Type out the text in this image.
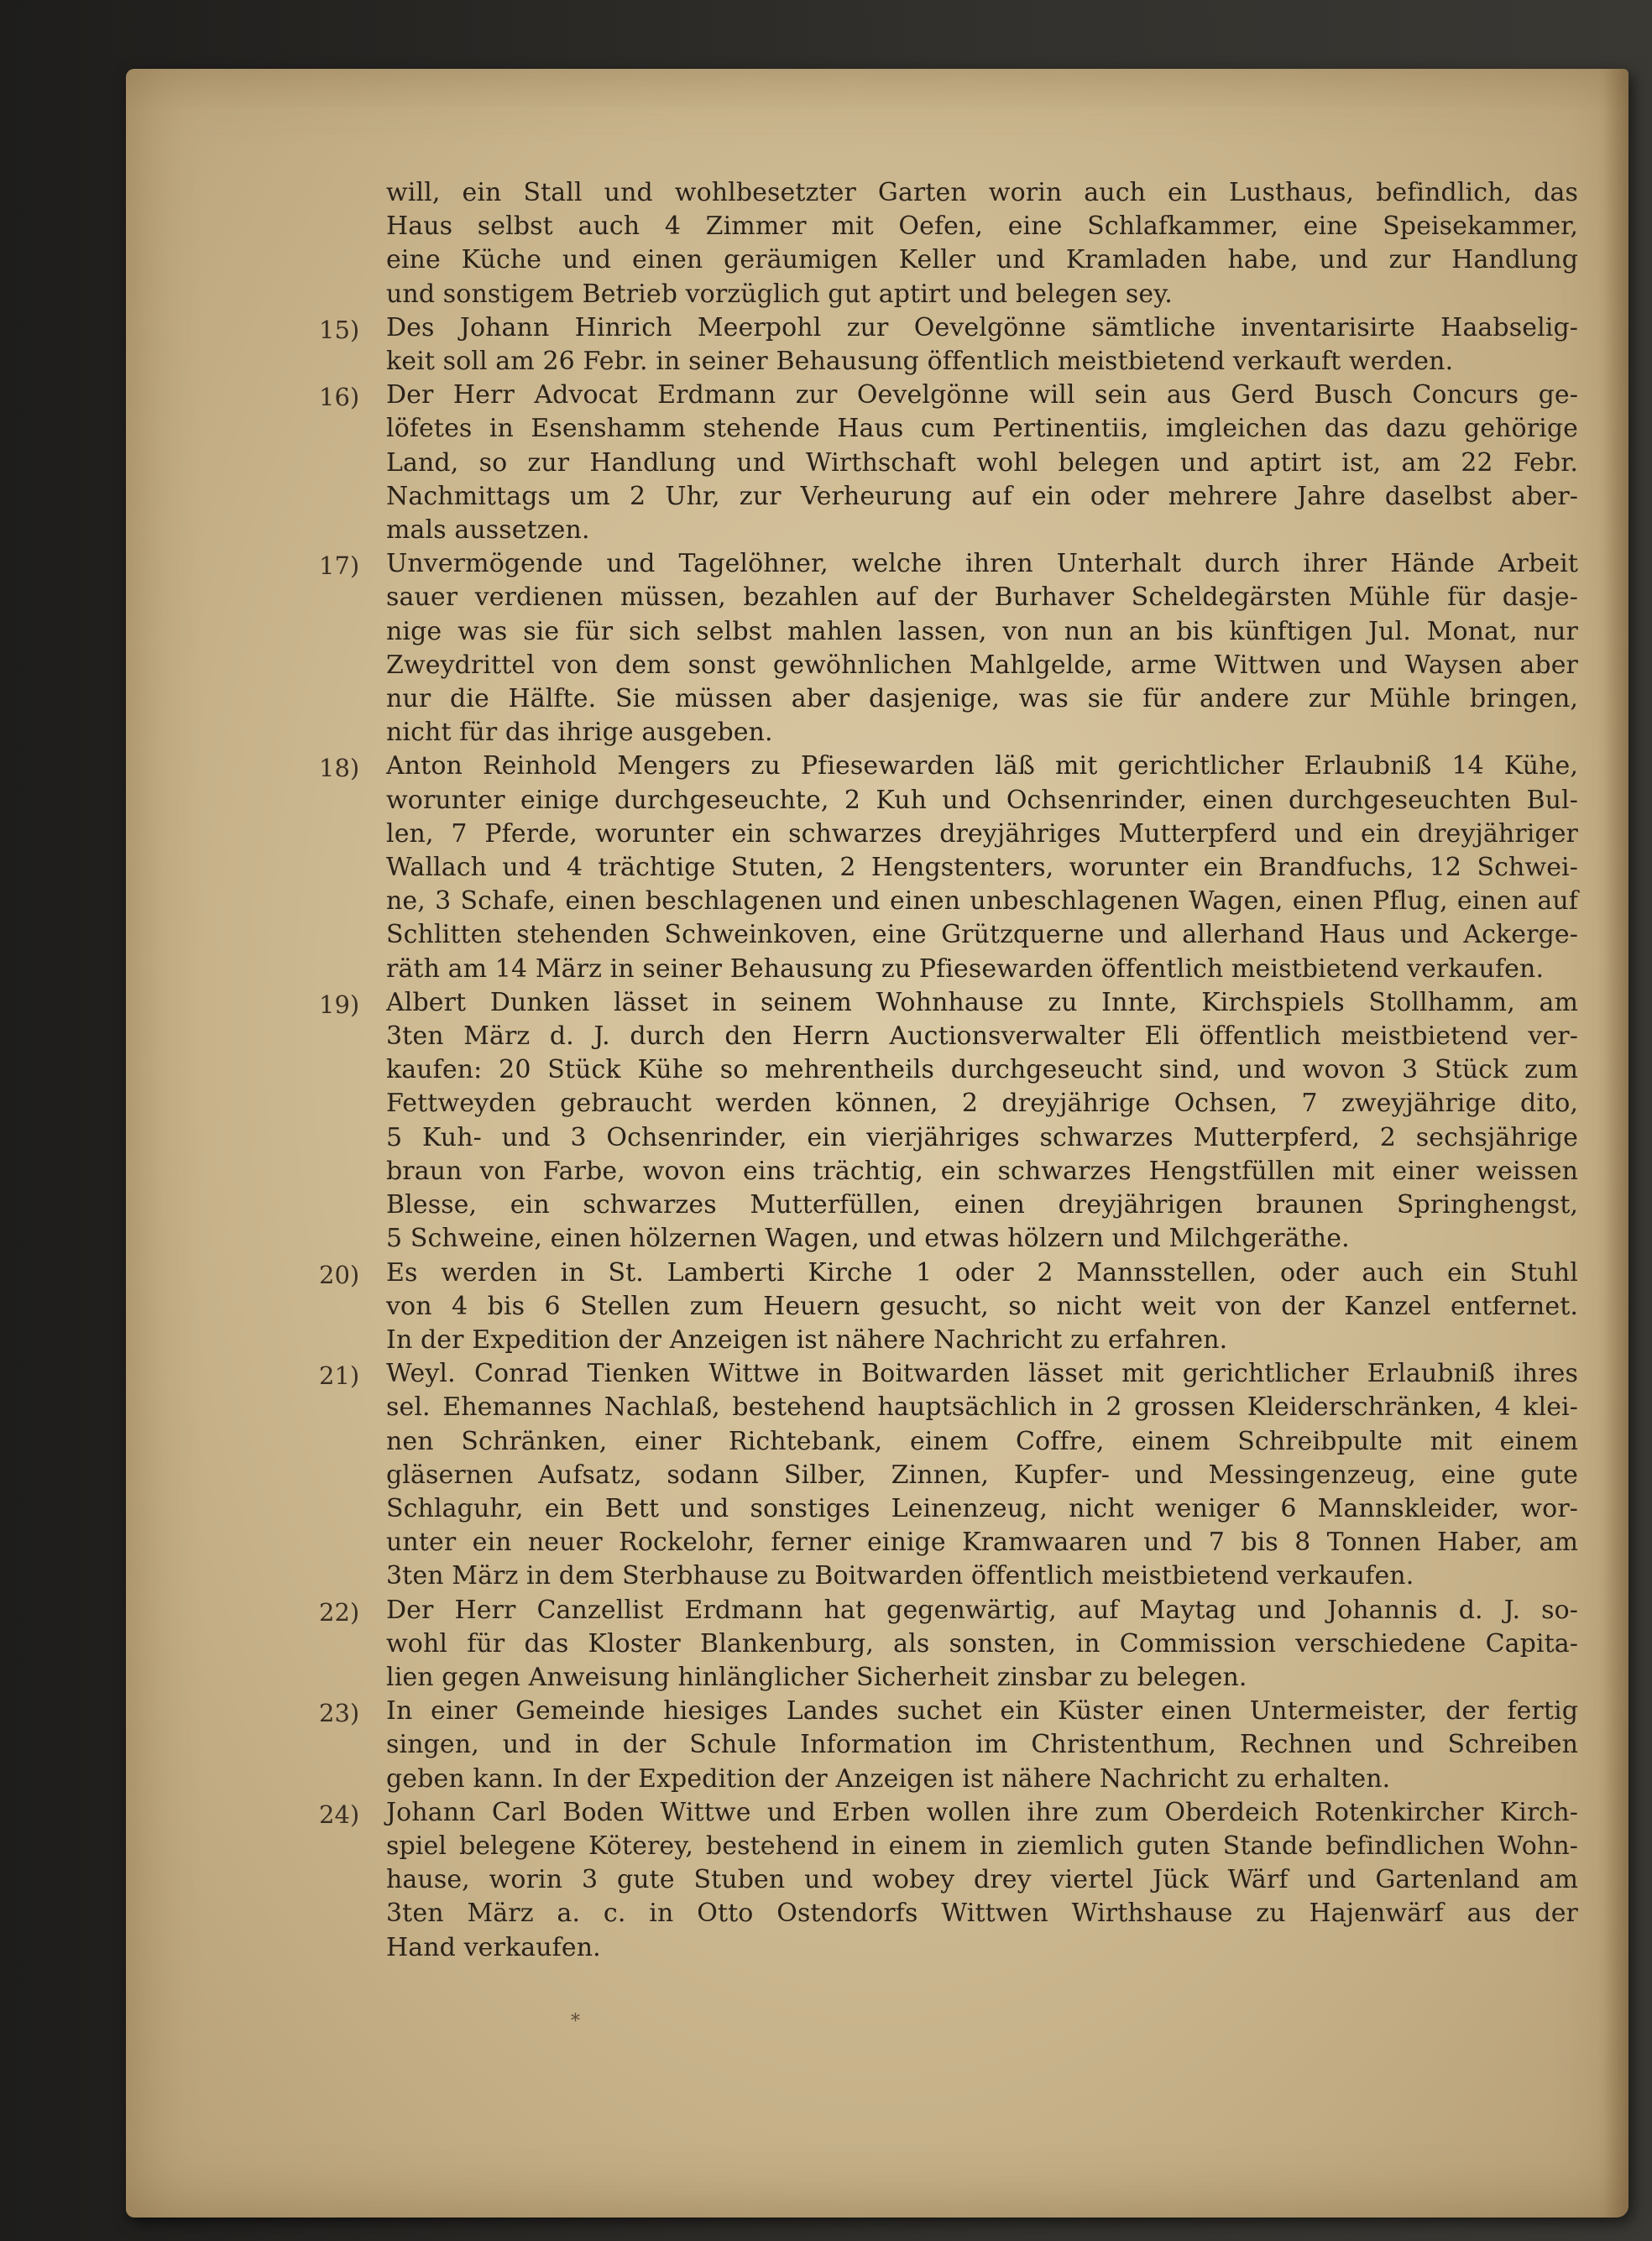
will, ein Stall und wohlbesetzter Garten worin auch ein Lusthaus, befindlich, das
Haus selbst auch 4 Zimmer mit Oefen, eine Schlafkammer, eine Speisekammer,
eine Küche und einen geräumigen Keller und Kramladen habe, und zur Handlung
und sonstigem Betrieb vorzüglich gut aptirt und belegen sey.
15) Des Johann Hinrich Meerpohl zur Oevelgönne sämtliche inventarisirte Haabselig-
keit soll am 26 Febr. in seiner Behausung öffentlich meistbietend verkauft werden.
16) Der Herr Advocat Erdmann zur Oevelgönne will sein aus Gerd Busch Concurs ge-
löfetes in Esenshamm stehende Haus cum Pertinentiis, imgleichen das dazu gehörige
Land, so zur Handlung und Wirthschaft wohl belegen und aptirt ist, am 22 Febr.
Nachmittags um 2 Uhr, zur Verheurung auf ein oder mehrere Jahre daselbst aber-
mals aussetzen.
17) Unvermögende und Tagelöhner, welche ihren Unterhalt durch ihrer Hände Arbeit
sauer verdienen müssen, bezahlen auf der Burhaver Scheldegärsten Mühle für dasje-
nige was sie für sich selbst mahlen lassen, von nun an bis künftigen Jul. Monat, nur
Zweydrittel von dem sonst gewöhnlichen Mahlgelde, arme Wittwen und Waysen aber
nur die Hälfte. Sie müssen aber dasjenige, was sie für andere zur Mühle bringen,
nicht für das ihrige ausgeben.
18) Anton Reinhold Mengers zu Pfiesewarden läß mit gerichtlicher Erlaubniß 14 Kühe,
worunter einige durchgeseuchte, 2 Kuh und Ochsenrinder, einen durchgeseuchten Bul-
len, 7 Pferde, worunter ein schwarzes dreyjähriges Mutterpferd und ein dreyjähriger
Wallach und 4 trächtige Stuten, 2 Hengstenters, worunter ein Brandfuchs, 12 Schwei-
ne, 3 Schafe, einen beschlagenen und einen unbeschlagenen Wagen, einen Pflug, einen auf
Schlitten stehenden Schweinkoven, eine Grützquerne und allerhand Haus und Ackerge-
räth am 14 März in seiner Behausung zu Pfiesewarden öffentlich meistbietend verkaufen.
19) Albert Dunken lässet in seinem Wohnhause zu Innte, Kirchspiels Stollhamm, am
3ten März d. J. durch den Herrn Auctionsverwalter Eli öffentlich meistbietend ver-
kaufen: 20 Stück Kühe so mehrentheils durchgeseucht sind, und wovon 3 Stück zum
Fettweyden gebraucht werden können, 2 dreyjährige Ochsen, 7 zweyjährige dito,
5 Kuh- und 3 Ochsenrinder, ein vierjähriges schwarzes Mutterpferd, 2 sechsjährige
braun von Farbe, wovon eins trächtig, ein schwarzes Hengstfüllen mit einer weissen
Blesse, ein schwarzes Mutterfüllen, einen dreyjährigen braunen Springhengst,
5 Schweine, einen hölzernen Wagen, und etwas hölzern und Milchgeräthe.
20) Es werden in St. Lamberti Kirche 1 oder 2 Mannsstellen, oder auch ein Stuhl
von 4 bis 6 Stellen zum Heuern gesucht, so nicht weit von der Kanzel entfernet.
In der Expedition der Anzeigen ist nähere Nachricht zu erfahren.
21) Weyl. Conrad Tienken Wittwe in Boitwarden lässet mit gerichtlicher Erlaubniß ihres
sel. Ehemannes Nachlaß, bestehend hauptsächlich in 2 grossen Kleiderschränken, 4 klei-
nen Schränken, einer Richtebank, einem Coffre, einem Schreibpulte mit einem
gläsernen Aufsatz, sodann Silber, Zinnen, Kupfer- und Messingenzeug, eine gute
Schlaguhr, ein Bett und sonstiges Leinenzeug, nicht weniger 6 Mannskleider, wor-
unter ein neuer Rockelohr, ferner einige Kramwaaren und 7 bis 8 Tonnen Haber, am
3ten März in dem Sterbhause zu Boitwarden öffentlich meistbietend verkaufen.
22) Der Herr Canzellist Erdmann hat gegenwärtig, auf Maytag und Johannis d. J. so-
wohl für das Kloster Blankenburg, als sonsten, in Commission verschiedene Capita-
lien gegen Anweisung hinlänglicher Sicherheit zinsbar zu belegen.
23) In einer Gemeinde hiesiges Landes suchet ein Küster einen Untermeister, der fertig
singen, und in der Schule Information im Christenthum, Rechnen und Schreiben
geben kann. In der Expedition der Anzeigen ist nähere Nachricht zu erhalten.
24) Johann Carl Boden Wittwe und Erben wollen ihre zum Oberdeich Rotenkircher Kirch-
spiel belegene Köterey, bestehend in einem in ziemlich guten Stande befindlichen Wohn-
hause, worin 3 gute Stuben und wobey drey viertel Jück Wärf und Gartenland am
3ten März a. c. in Otto Ostendorfs Wittwen Wirthshause zu Hajenwärf aus der
Hand verkaufen.
*
